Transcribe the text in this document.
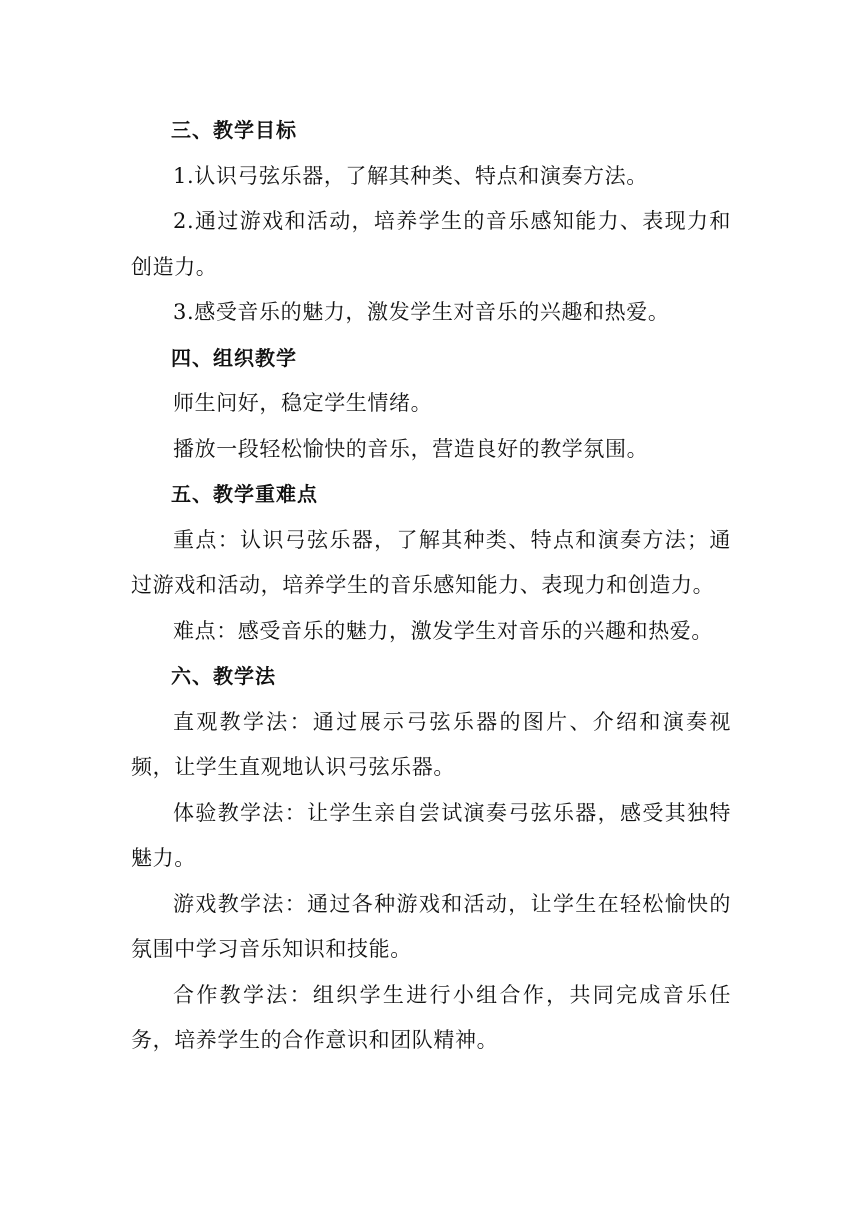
三、教学目标

1.认识弓弦乐器，了解其种类、特点和演奏方法。

2.通过游戏和活动，培养学生的音乐感知能力、表现力和创造力。

3.感受音乐的魅力，激发学生对音乐的兴趣和热爱。

四、组织教学

师生问好，稳定学生情绪。

播放一段轻松愉快的音乐，营造良好的教学氛围。

五、教学重难点

重点：认识弓弦乐器，了解其种类、特点和演奏方法；通过游戏和活动，培养学生的音乐感知能力、表现力和创造力。

难点：感受音乐的魅力，激发学生对音乐的兴趣和热爱。

六、教学法

直观教学法：通过展示弓弦乐器的图片、介绍和演奏视频，让学生直观地认识弓弦乐器。

体验教学法：让学生亲自尝试演奏弓弦乐器，感受其独特魅力。

游戏教学法：通过各种游戏和活动，让学生在轻松愉快的氛围中学习音乐知识和技能。

合作教学法：组织学生进行小组合作，共同完成音乐任务，培养学生的合作意识和团队精神。
